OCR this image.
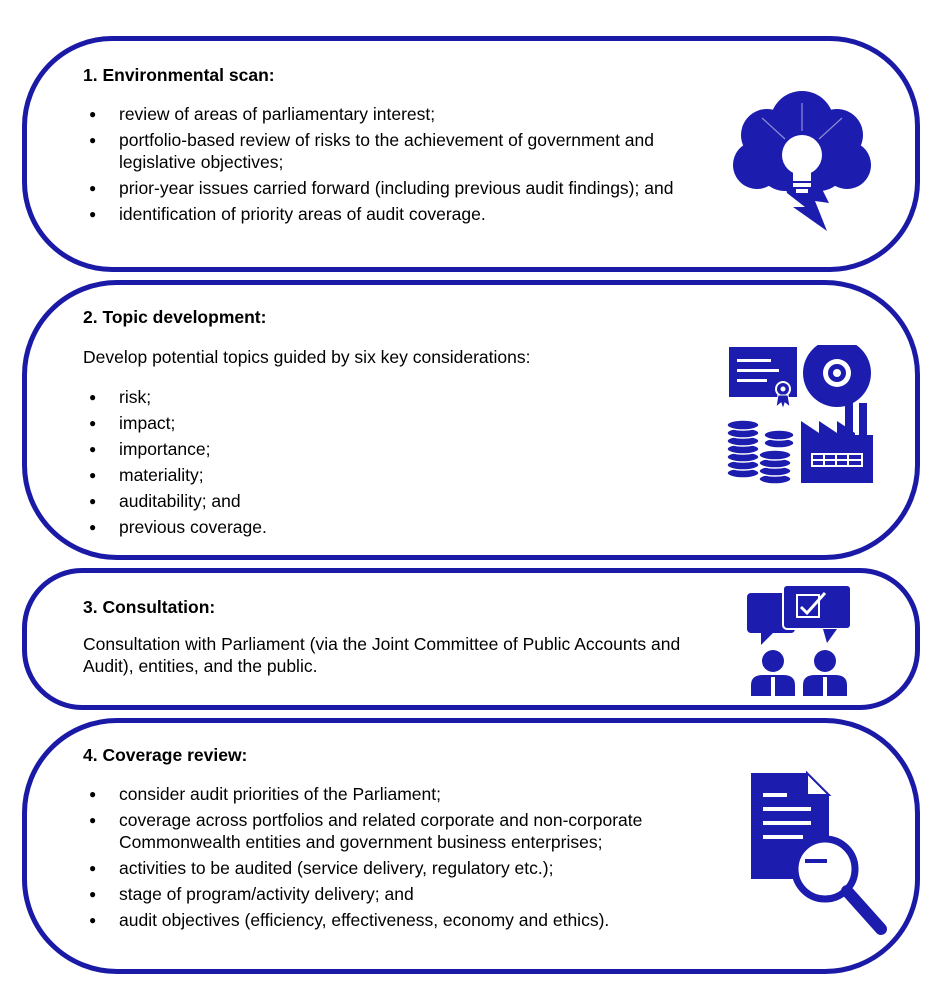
1. Environmental scan:
● review of areas of parliamentary interest;
● portfolio-based review of risks to the achievement of government and legislative objectives;
● prior-year issues carried forward (including previous audit findings); and
● identification of priority areas of audit coverage.
2. Topic development:
Develop potential topics guided by six key considerations:
● risk;
● impact;
● importance;
● materiality;
● auditability; and
● previous coverage.
3. Consultation:
Consultation with Parliament (via the Joint Committee of Public Accounts and Audit), entities, and the public.
4. Coverage review:
● consider audit priorities of the Parliament;
● coverage across portfolios and related corporate and non-corporate Commonwealth entities and government business enterprises;
● activities to be audited (service delivery, regulatory etc.);
● stage of program/activity delivery; and
● audit objectives (efficiency, effectiveness, economy and ethics).
